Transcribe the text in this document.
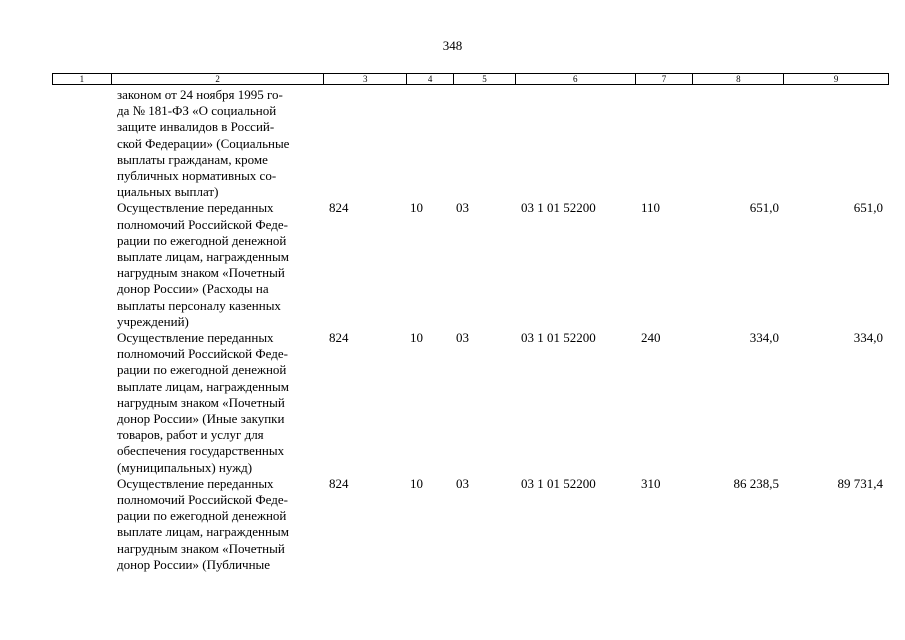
348
1	2	3	4	5	6	7	8	9
законом от 24 ноября 1995 го-
да № 181-ФЗ «О социальной
защите инвалидов в Россий-
ской Федерации» (Социальные
выплаты гражданам, кроме
публичных нормативных со-
циальных выплат)
Осуществление переданных
полномочий Российской Феде-
рации по ежегодной денежной
выплате лицам, награжденным
нагрудным знаком «Почетный
донор России» (Расходы на
выплаты персоналу казенных
учреждений)
824	10	03	03 1 01 52200	110	651,0	651,0
Осуществление переданных
полномочий Российской Феде-
рации по ежегодной денежной
выплате лицам, награжденным
нагрудным знаком «Почетный
донор России» (Иные закупки
товаров, работ и услуг для
обеспечения государственных
(муниципальных) нужд)
824	10	03	03 1 01 52200	240	334,0	334,0
Осуществление переданных
полномочий Российской Феде-
рации по ежегодной денежной
выплате лицам, награжденным
нагрудным знаком «Почетный
донор России» (Публичные
824	10	03	03 1 01 52200	310	86 238,5	89 731,4
